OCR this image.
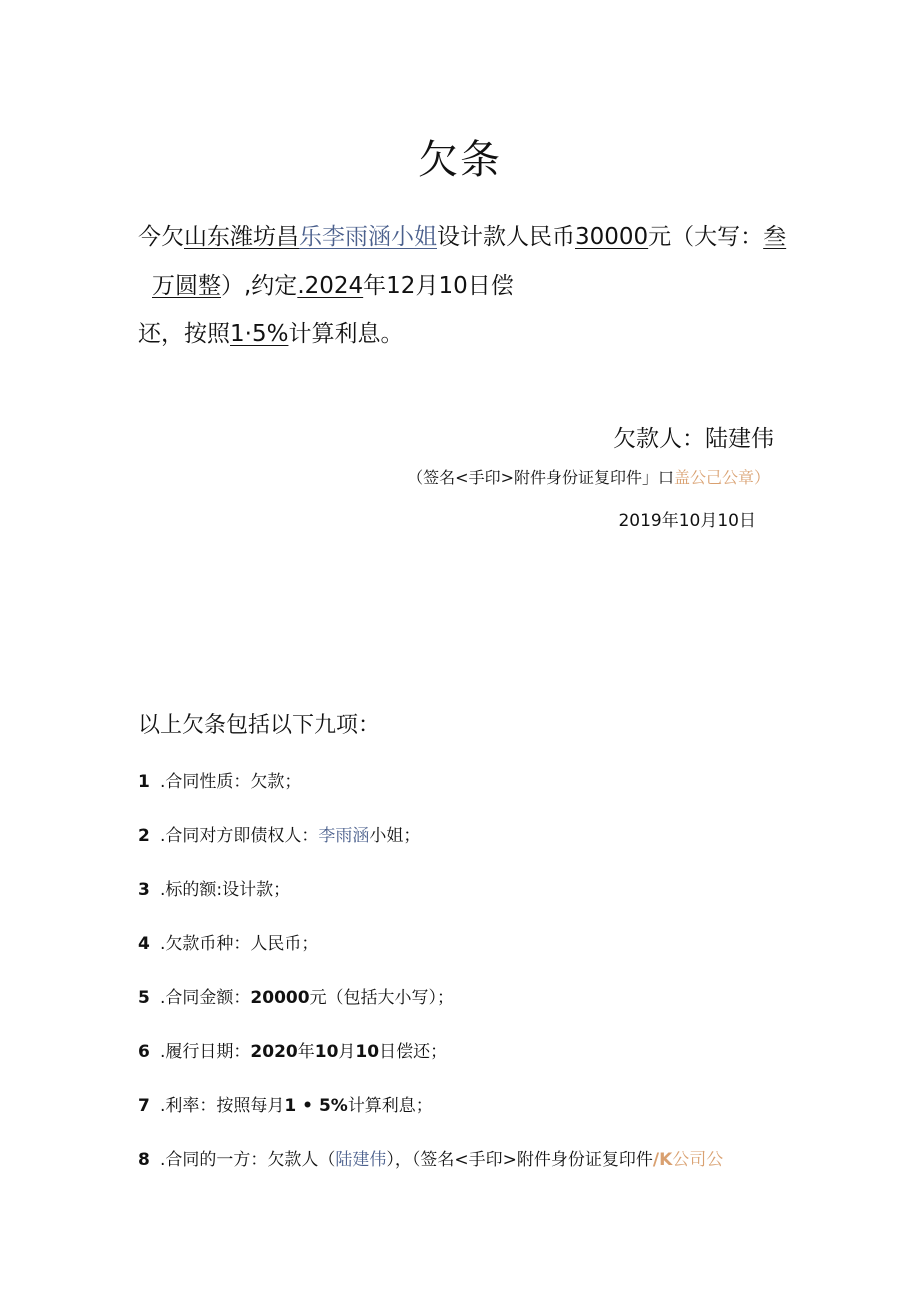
欠条
今欠山东潍坊昌乐李雨涵小姐设计款人民币30000元（大写：叁
万圆整）,约定.2024年12月10日偿
还，按照1·5%计算利息。
欠款人：陆建伟
（签名<手印>附件身份证复印件」口盖公己公章）
2019年10月10日
以上欠条包括以下九项：
1 .合同性质：欠款；
2 .合同对方即债权人：李雨涵小姐；
3 .标的额:设计款；
4 .欠款币种：人民币；
5 .合同金额：20000元（包括大小写）；
6 .履行日期：2020年10月10日偿还；
7 .利率：按照每月1 • 5%计算利息；
8 .合同的一方：欠款人（陆建伟），（签名<手印>附件身份证复印件/K公司公
